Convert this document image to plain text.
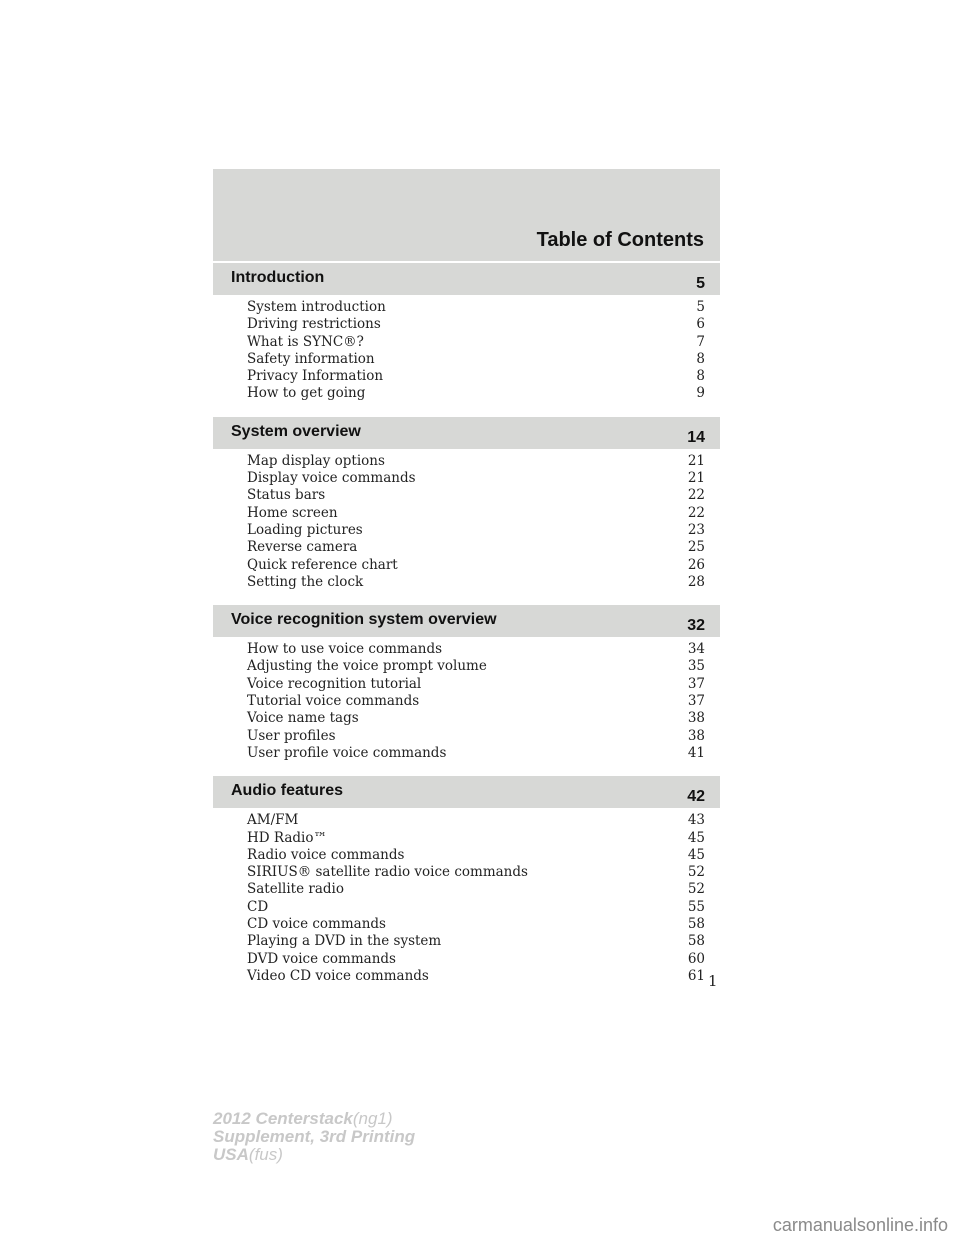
Table of Contents
Introduction	5
System introduction	5
Driving restrictions	6
What is SYNC®?	7
Safety information	8
Privacy Information	8
How to get going	9
System overview	14
Map display options	21
Display voice commands	21
Status bars	22
Home screen	22
Loading pictures	23
Reverse camera	25
Quick reference chart	26
Setting the clock	28
Voice recognition system overview	32
How to use voice commands	34
Adjusting the voice prompt volume	35
Voice recognition tutorial	37
Tutorial voice commands	37
Voice name tags	38
User profiles	38
User profile voice commands	41
Audio features	42
AM/FM	43
HD Radio™	45
Radio voice commands	45
SIRIUS® satellite radio voice commands	52
Satellite radio	52
CD	55
CD voice commands	58
Playing a DVD in the system	58
DVD voice commands	60
Video CD voice commands	61 1
2012 Centerstack(ng1)
Supplement, 3rd Printing
USA(fus)
carmanualsonline.info
